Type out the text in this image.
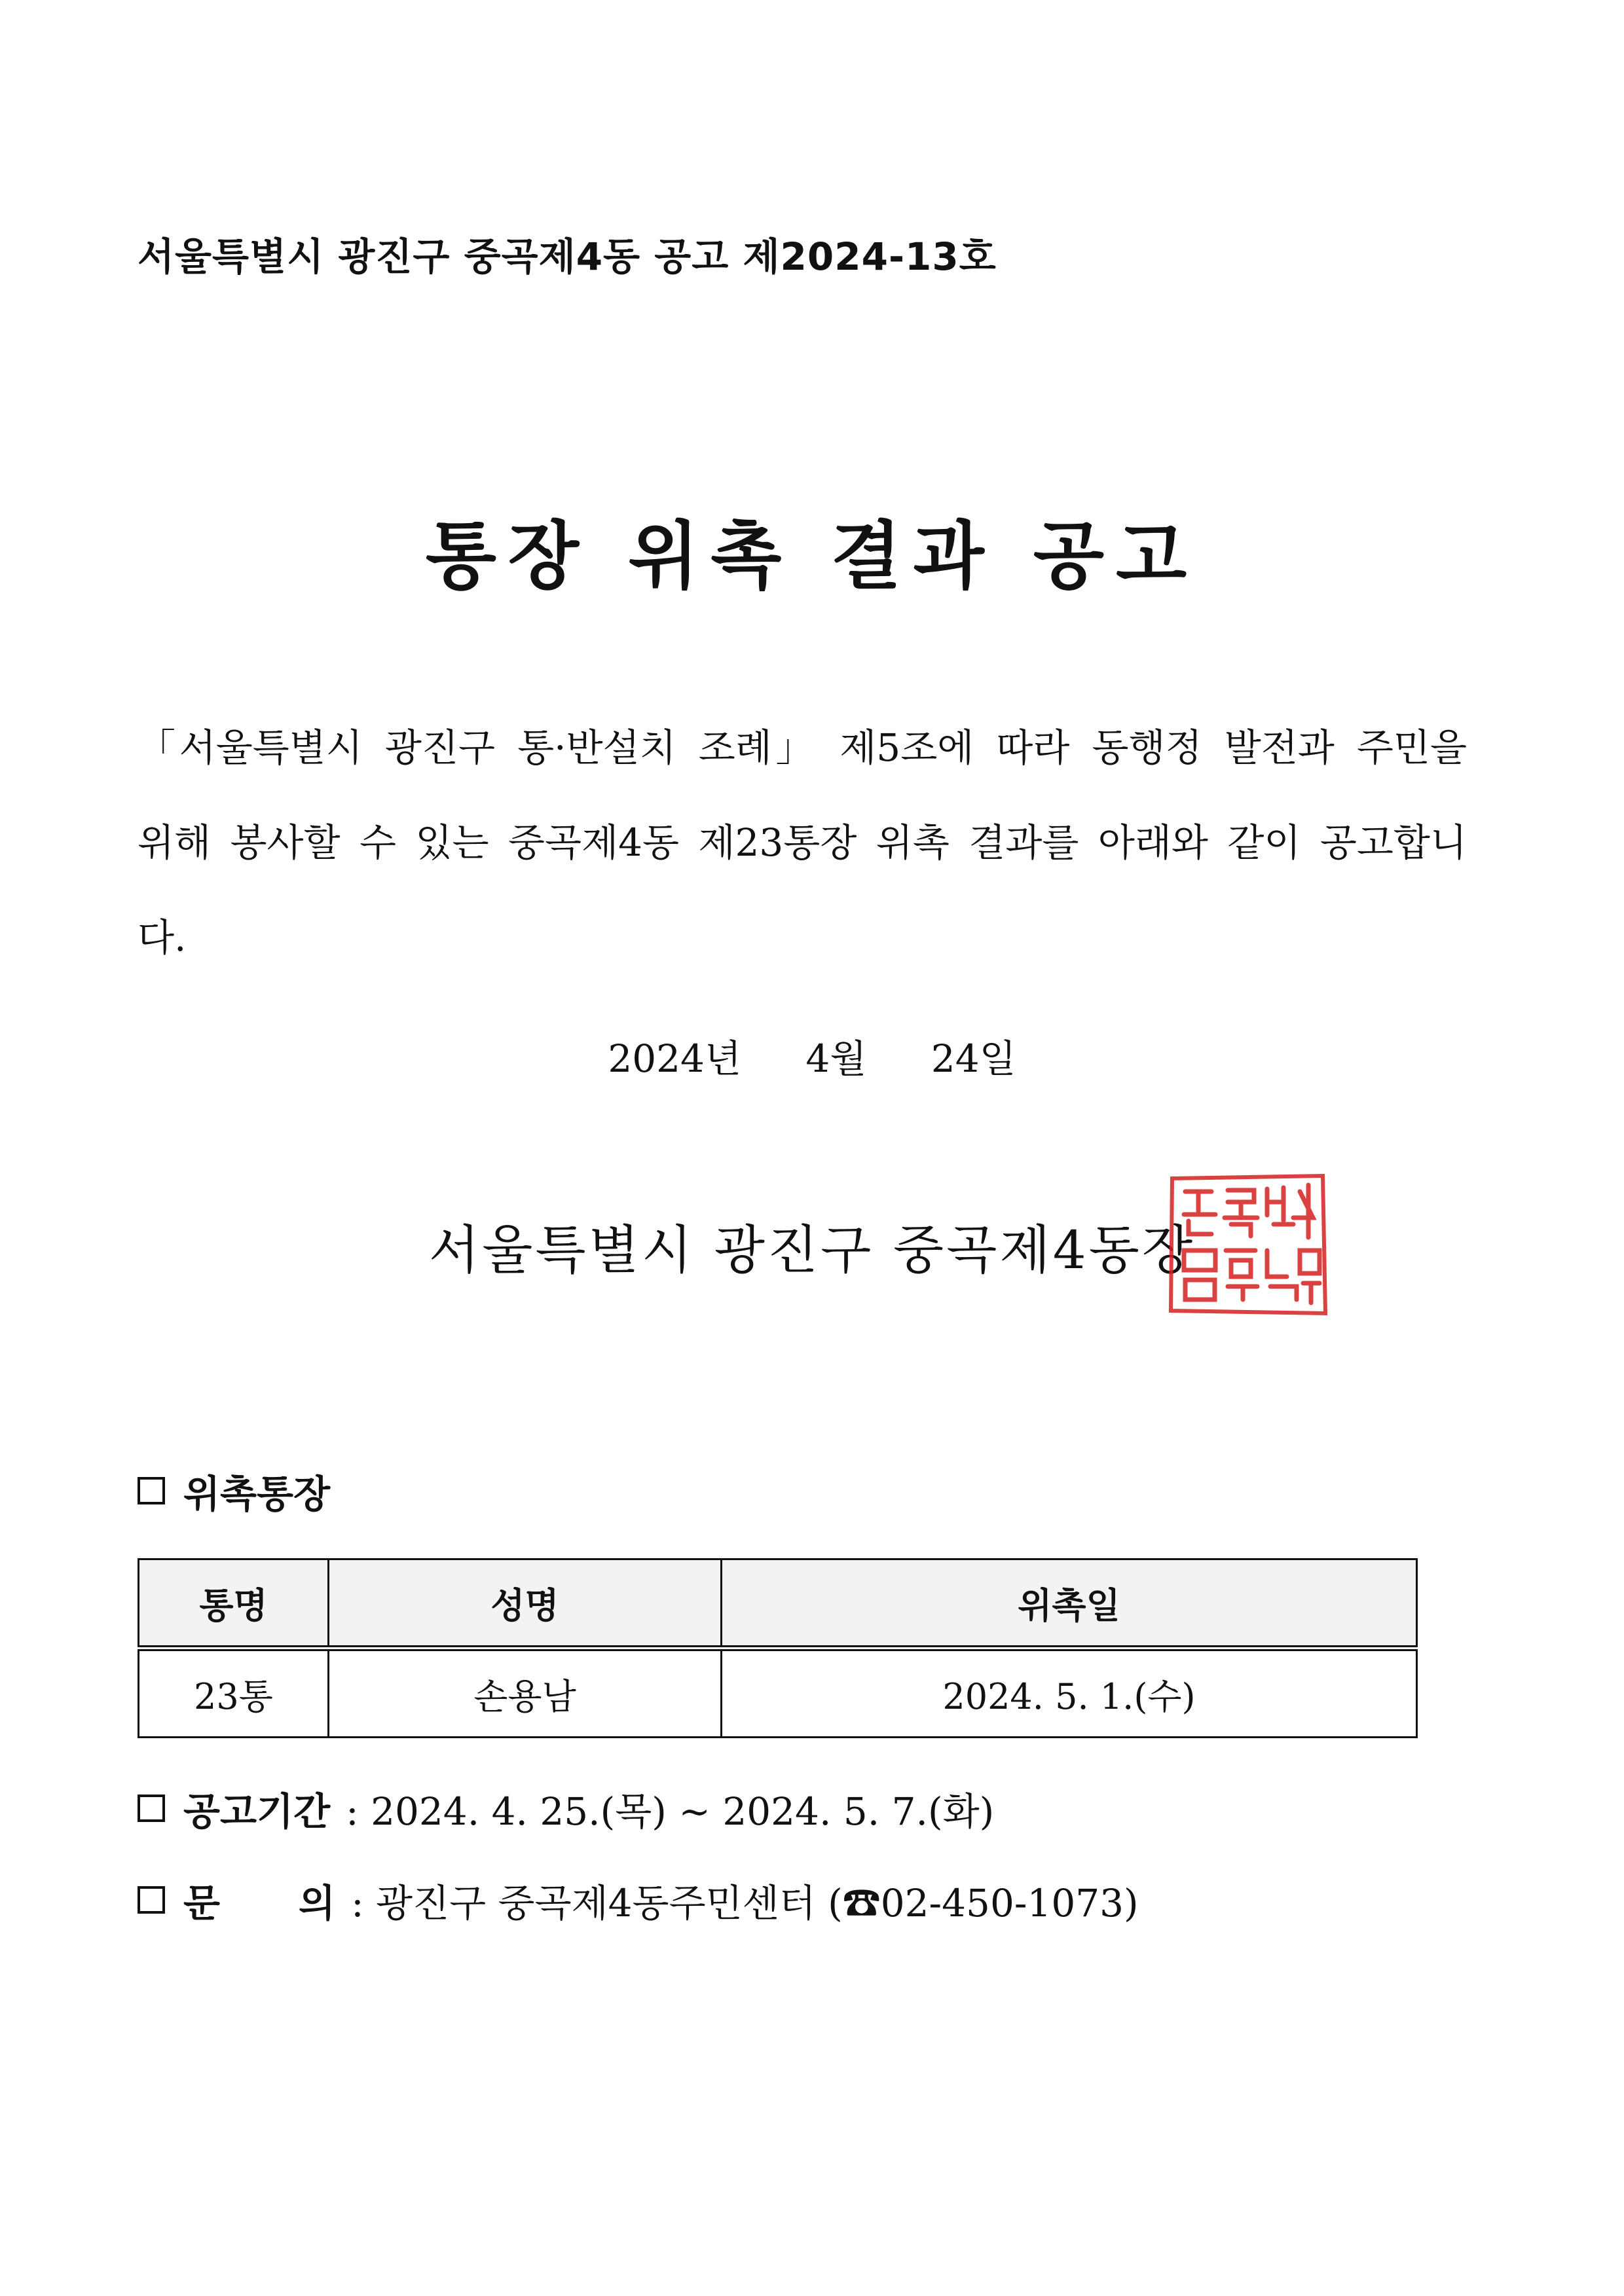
서울특별시 광진구 중곡제4동 공고 제2024-13호
통장 위촉 결과 공고
「서울특별시 광진구 통·반설치 조례」 제5조에 따라 동행정 발전과 주민을 위해 봉사할 수 있는 중곡제4동 제23통장 위촉 결과를 아래와 같이 공고합니다.
2024년 4월 24일
서울특별시 광진구 중곡제4동장
위촉통장
통명	성명	위촉일
23통	손용남	2024. 5. 1.(수)
공고기간 : 2024. 4. 25.(목) ~ 2024. 5. 7.(화)
문 의 : 광진구 중곡제4동주민센터 (☎02-450-1073)
